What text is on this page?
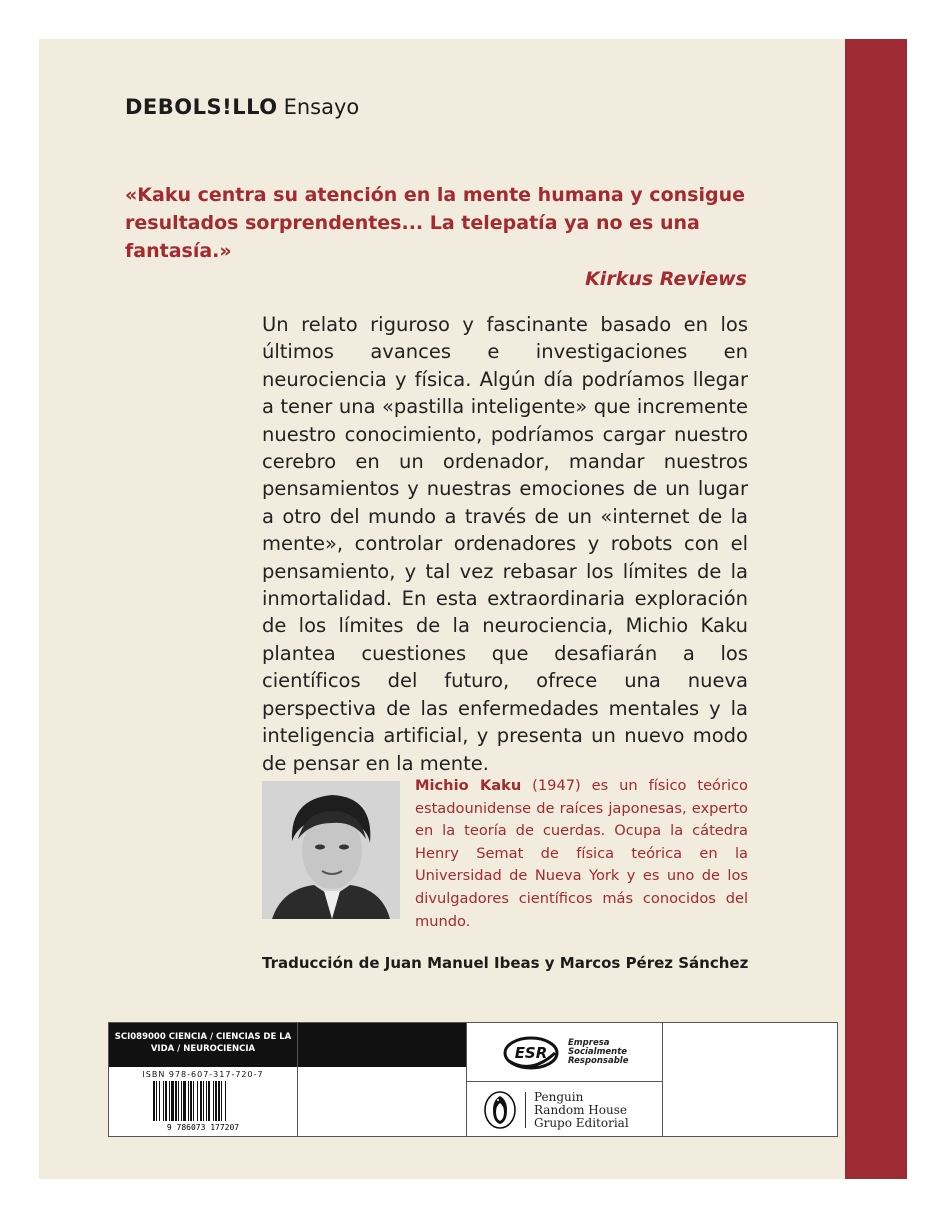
DEBOLS!LLO Ensayo
«Kaku centra su atención en la mente humana y consigue resultados sorprendentes... La telepatía ya no es una fantasía.»
Kirkus Reviews
Un relato riguroso y fascinante basado en los últimos avances e investigaciones en neurociencia y física. Algún día podríamos llegar a tener una «pastilla inteligente» que incremente nuestro conocimiento, podríamos cargar nuestro cerebro en un ordenador, mandar nuestros pensamientos y nuestras emociones de un lugar a otro del mundo a través de un «internet de la mente», controlar ordenadores y robots con el pensamiento, y tal vez rebasar los límites de la inmortalidad. En esta extraordinaria exploración de los límites de la neurociencia, Michio Kaku plantea cuestiones que desafiarán a los científicos del futuro, ofrece una nueva perspectiva de las enfermedades mentales y la inteligencia artificial, y presenta un nuevo modo de pensar en la mente.
Michio Kaku (1947) es un físico teórico estadounidense de raíces japonesas, experto en la teoría de cuerdas. Ocupa la cátedra Henry Semat de física teórica en la Universidad de Nueva York y es uno de los divulgadores científicos más conocidos del mundo.
Traducción de Juan Manuel Ibeas y Marcos Pérez Sánchez
SCI089000 CIENCIA / CIENCIAS DE LA VIDA / NEUROCIENCIA
ISBN 978-607-317-720-7
9 786073 177207
ESR
Empresa
Socialmente
Responsable
Penguin
Random House
Grupo Editorial
